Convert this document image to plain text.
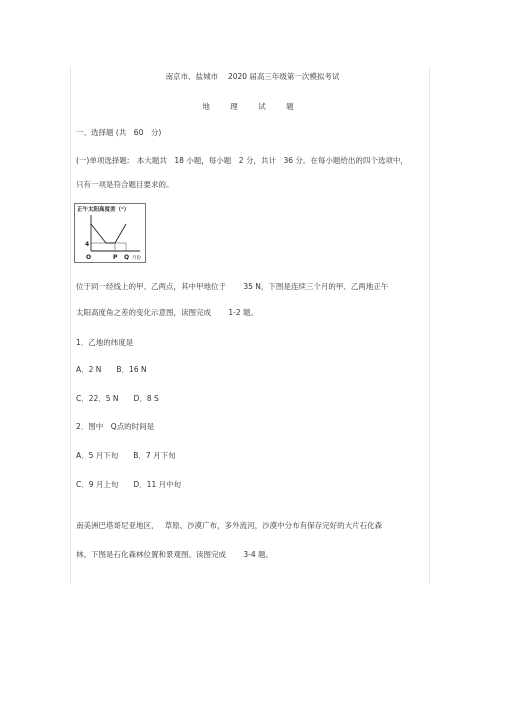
南京市、盐城市　 2020 届高三年级第一次模拟考试
地 理 试 题
一、选择题 (共　60　分)
(一)单项选择题:　本大题共　18 小题，每小题　2 分，共计　36 分。在每小题给出的四个选项中，
只有一项是符合题目要求的。
正午太阳高度差（°）
4
O	P Q 月份
位于同一经线上的甲、乙两点，其中甲地位于　　 35 N，下图是连续三个月的甲、乙两地正午
太阳高度角之差的变化示意图，读图完成　　 1-2 题。
1．乙地的纬度是
A．2 N　　B．16 N
C．22．5 N　　D．8 S
2．图中　Q点的时间是
A．5 月下旬　　B．7 月下旬
C．9 月上旬　　D．11 月中旬
南美洲巴塔哥尼亚地区，　 草原、沙漠广布，多外流河，沙漠中分布有保存完好的大片石化森
林。下图是石化森林位置和景观图。读图完成　　 3-4 题。
